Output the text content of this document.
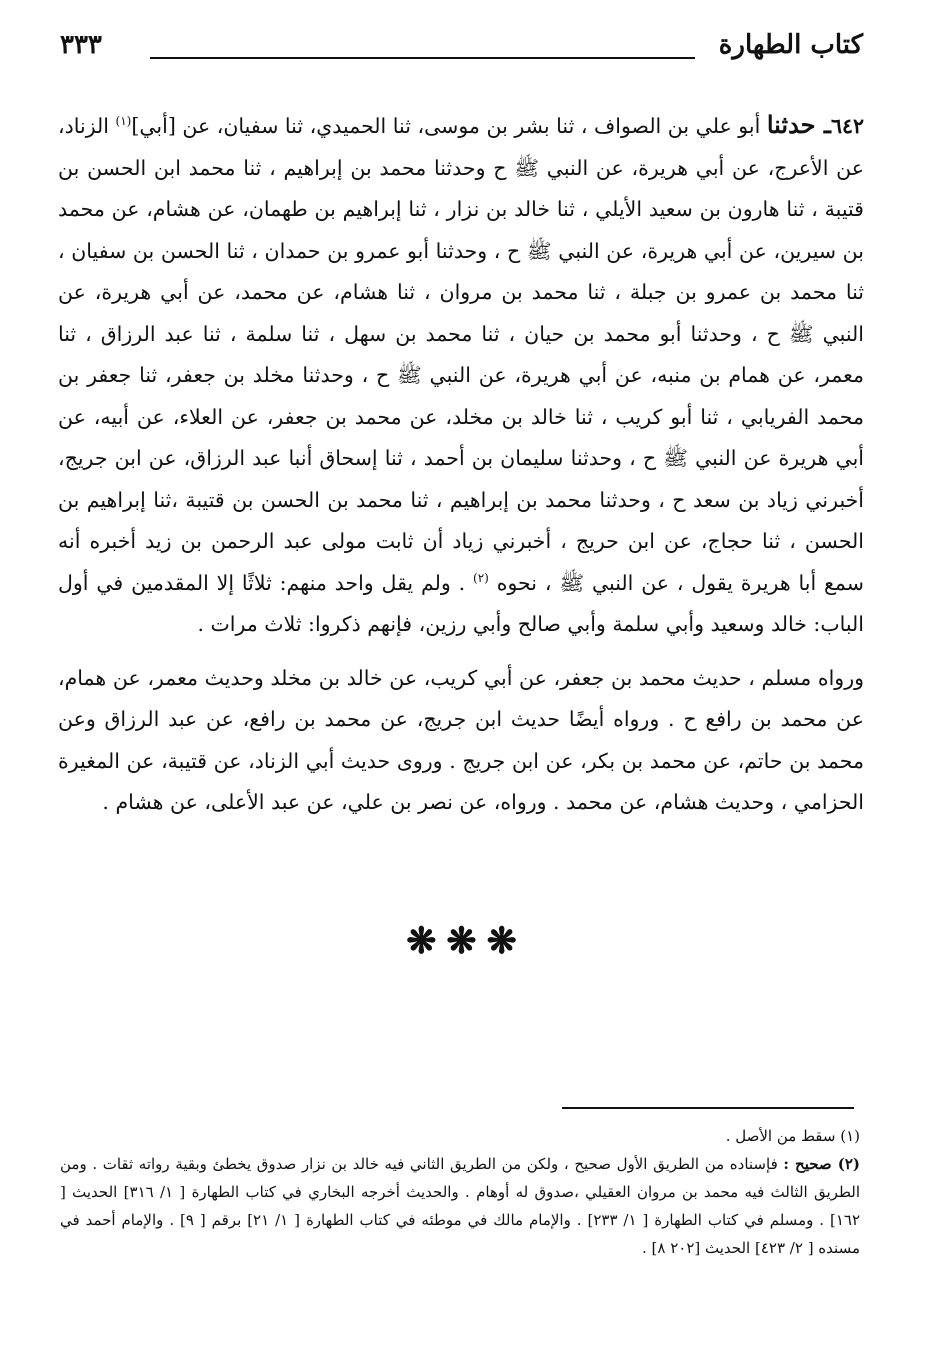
كتاب الطهارة
٣٣٣

٦٤٢ـ حدثنا أبو علي بن الصواف ، ثنا بشر بن موسى، ثنا الحميدي، ثنا سفيان، عن [أبي]$^{(١)}$ الزناد، عن الأعرج، عن أبي هريرة، عن النبي ﷺ ح وحدثنا محمد بن إبراهيم ، ثنا محمد ابن الحسن بن قتيبة ، ثنا هارون بن سعيد الأيلي ، ثنا خالد بن نزار ، ثنا إبراهيم بن طهمان، عن هشام، عن محمد بن سيرين، عن أبي هريرة، عن النبي ﷺ ح ، وحدثنا أبو عمرو بن حمدان ، ثنا الحسن بن سفيان ، ثنا محمد بن عمرو بن جبلة ، ثنا محمد بن مروان ، ثنا هشام، عن محمد، عن أبي هريرة، عن النبي ﷺ ح ، وحدثنا أبو محمد بن حيان ، ثنا محمد بن سهل ، ثنا سلمة ، ثنا عبد الرزاق ، ثنا معمر، عن همام بن منبه، عن أبي هريرة، عن النبي ﷺ ح ، وحدثنا مخلد بن جعفر، ثنا جعفر بن محمد الفريابي ، ثنا أبو كريب ، ثنا خالد بن مخلد، عن محمد بن جعفر، عن العلاء، عن أبيه، عن أبي هريرة عن النبي ﷺ ح ، وحدثنا سليمان بن أحمد ، ثنا إسحاق أنبا عبد الرزاق، عن ابن جريج، أخبرني زياد بن سعد ح ، وحدثنا محمد بن إبراهيم ، ثنا محمد بن الحسن بن قتيبة ،ثنا إبراهيم بن الحسن ، ثنا حجاج، عن ابن حريج ، أخبرني زياد أن ثابت مولى عبد الرحمن بن زيد أخبره أنه سمع أبا هريرة يقول ، عن النبي ﷺ ، نحوه $^{(٢)}$ . ولم يقل واحد منهم: ثلاثًا إلا المقدمين في أول الباب: خالد وسعيد وأبي سلمة وأبي صالح وأبي رزين، فإنهم ذكروا: ثلاث مرات .

ورواه مسلم ، حديث محمد بن جعفر، عن أبي كريب، عن خالد بن مخلد وحديث معمر، عن همام، عن محمد بن رافع ح . ورواه أيضًا حديث ابن جريج، عن محمد بن رافع، عن عبد الرزاق وعن محمد بن حاتم، عن محمد بن بكر، عن ابن جريج . وروى حديث أبي الزناد، عن قتيبة، عن المغيرة الحزامي ، وحديث هشام، عن محمد . ورواه، عن نصر بن علي، عن عبد الأعلى، عن هشام .

❋❋❋

(١) سقط من الأصل .

(٢) صحيح : فإسناده من الطريق الأول صحيح ، ولكن من الطريق الثاني فيه خالد بن نزار صدوق يخطئ وبقية رواته ثقات . ومن الطريق الثالث فيه محمد بن مروان العقيلي ،صدوق له أوهام . والحديث أخرجه البخاري في كتاب الطهارة [ ١/ ٣١٦] الحديث [ ١٦٢] . ومسلم في كتاب الطهارة [ ١/ ٢٣٣] . والإمام مالك في موطئه في كتاب الطهارة [ ١/ ٢١] برقم [ ٩] . والإمام أحمد في مسنده [ ٢/ ٤٢٣] الحديث [٢٠٢ ٨] .
